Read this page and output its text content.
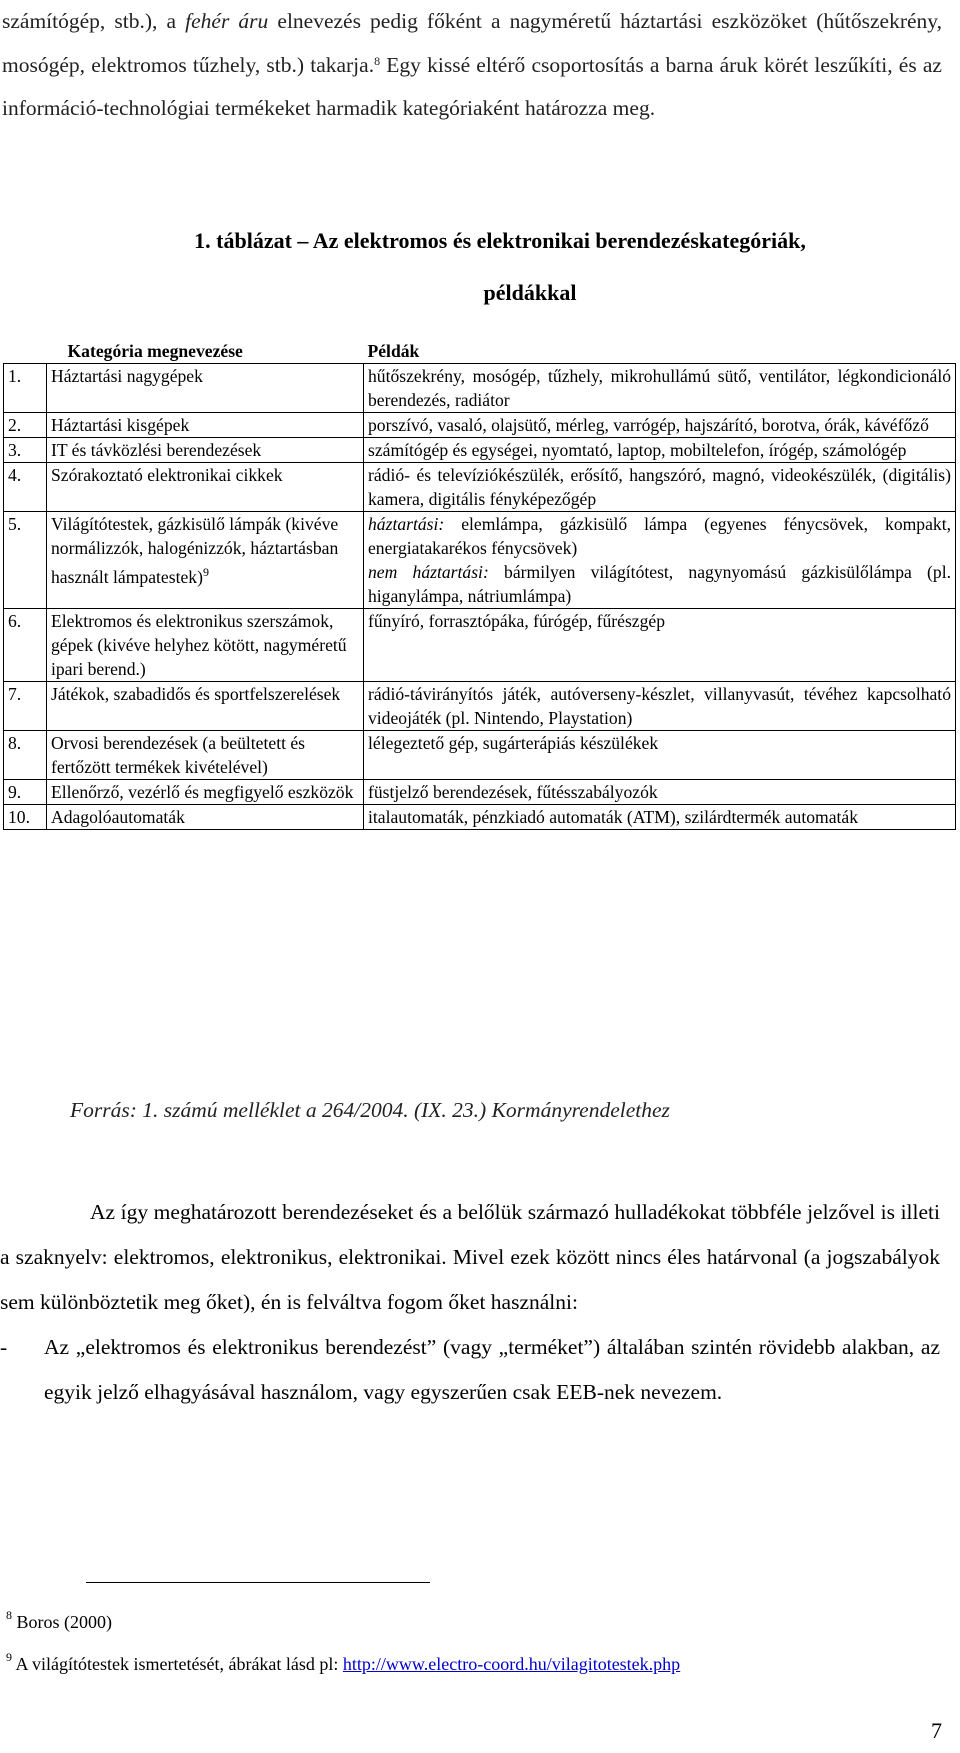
számítógép, stb.), a fehér áru elnevezés pedig főként a nagyméretű háztartási eszközöket (hűtőszekrény, mosógép, elektromos tűzhely, stb.) takarja.$^8$ Egy kissé eltérő csoportosítás a barna áruk körét leszűkíti, és az információ-technológiai termékeket harmadik kategóriaként határozza meg.
1. táblázat – Az elektromos és elektronikai berendezéskategóriák,
példákkal
Kategória megnevezése		Példák
1.	Háztartási nagygépek	hűtőszekrény, mosógép, tűzhely, mikrohullámú sütő, ventilátor, légkondicionáló berendezés, radiátor
2.	Háztartási kisgépek	porszívó, vasaló, olajsütő, mérleg, varrógép, hajszárító, borotva, órák, kávéfőző
3.	IT és távközlési berendezések	számítógép és egységei, nyomtató, laptop, mobiltelefon, írógép, számológép
4.	Szórakoztató elektronikai cikkek	rádió- és televíziókészülék, erősítő, hangszóró, magnó, videokészülék, (digitális) kamera, digitális fényképezőgép
5.	Világítótestek, gázkisülő lámpák (kivéve normálizzók, halogénizzók, háztartásban használt lámpatestek)$^9$	háztartási: elemlámpa, gázkisülő lámpa (egyenes fénycsövek, kompakt, energiatakarékos fénycsövek)
nem háztartási: bármilyen világítótest, nagynyomású gázkisülőlámpa (pl. higanylámpa, nátriumlámpa)
6.	Elektromos és elektronikus szerszámok, gépek (kivéve helyhez kötött, nagyméretű ipari berend.)	fűnyíró, forrasztópáka, fúrógép, fűrészgép
7.	Játékok, szabadidős és sportfelszerelések	rádió-távirányítós játék, autóverseny-készlet, villanyvasút, tévéhez kapcsolható videojáték (pl. Nintendo, Playstation)
8.	Orvosi berendezések (a beültetett és fertőzött termékek kivételével)	lélegeztető gép, sugárterápiás készülékek
9.	Ellenőrző, vezérlő és megfigyelő eszközök	füstjelző berendezések, fűtésszabályozók
10.	Adagolóautomaták	italautomaták, pénzkiadó automaták (ATM), szilárdtermék automaták
Forrás: 1. számú melléklet a 264/2004. (IX. 23.) Kormányrendelethez

Az így meghatározott berendezéseket és a belőlük származó hulladékokat többféle jelzővel is illeti a szaknyelv: elektromos, elektronikus, elektronikai. Mivel ezek között nincs éles határvonal (a jogszabályok sem különböztetik meg őket), én is felváltva fogom őket használni:

- Az „elektromos és elektronikus berendezést” (vagy „terméket”) általában szintén rövidebb alakban, az egyik jelző elhagyásával használom, vagy egyszerűen csak EEB-nek nevezem.
$^8$ Boros (2000)
$^9$ A világítótestek ismertetését, ábrákat lásd pl: http://www.electro-coord.hu/vilagitotestek.php
7
